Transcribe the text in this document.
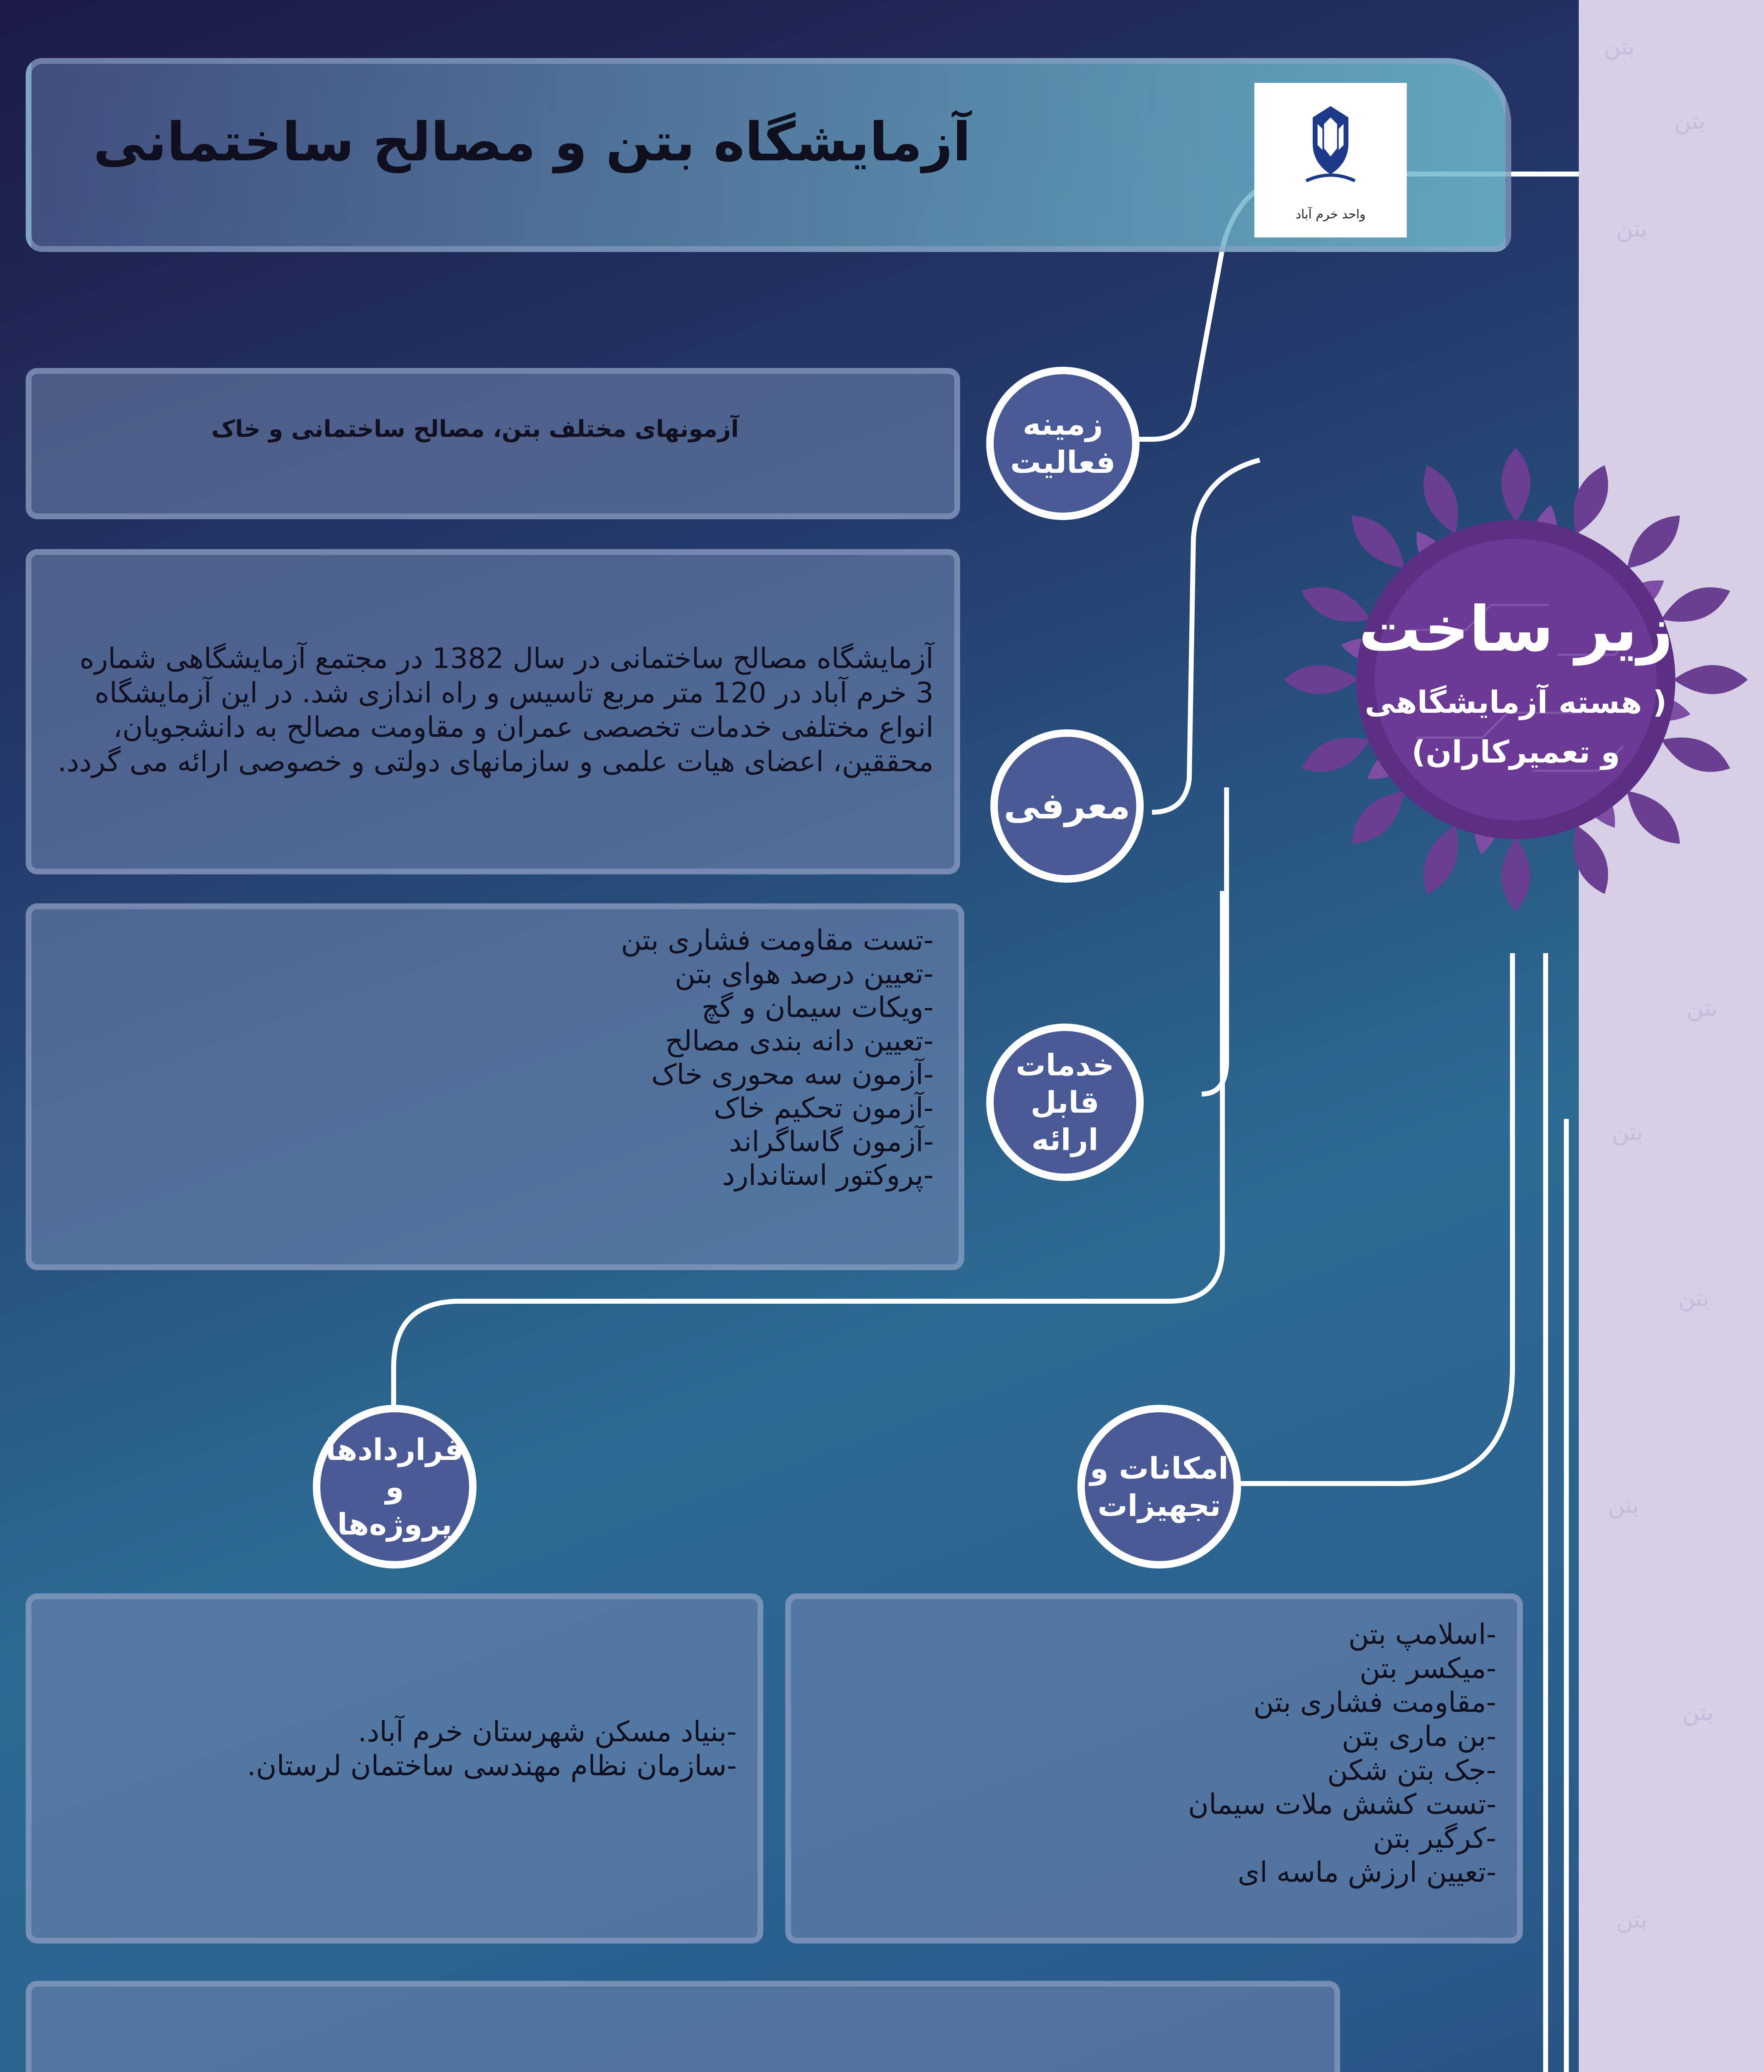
بتن
بتن
بتن
بتن
بتن
بتن
بتن
بتن
بتن
آزمایشگاه بتن و مصالح ساختمانی
واحد خرم آباد
زیر ساخت
( هسته آزمایشگاهی
و تعمیرکاران)
آزمونهای مختلف بتن، مصالح ساختمانی و خاک	زمینه
فعالیت
آزمایشگاه مصالح ساختمانی در سال 1382 در مجتمع آزمایشگاهی شماره
3 خرم آباد در 120 متر مربع تاسیس و راه اندازی شد. در این آزمایشگاه
انواع مختلفی خدمات تخصصی عمران و مقاومت مصالح به دانشجویان،
محققین، اعضای هیات علمی و سازمانهای دولتی و خصوصی ارائه می گردد.
معرفی
-تست مقاومت فشاری بتن
-تعیین درصد هوای بتن
-ویکات سیمان و گچ
-تعیین دانه بندی مصالح
-آزمون سه محوری خاک
-آزمون تحکیم خاک
-آزمون گاساگراند
-پروکتور استاندارد
خدمات
قابل ارائه
قراردادها و
پروژه‌ها
امکانات و
تجهیزات
-بنیاد مسکن شهرستان خرم آباد.
-سازمان نظام مهندسی ساختمان لرستان.
-اسلامپ بتن
-میکسر بتن
-مقاومت فشاری بتن
-بن ماری بتن
-جک بتن شکن
-تست کشش ملات سیمان
-کرگیر بتن
-تعیین ارزش ماسه ای
